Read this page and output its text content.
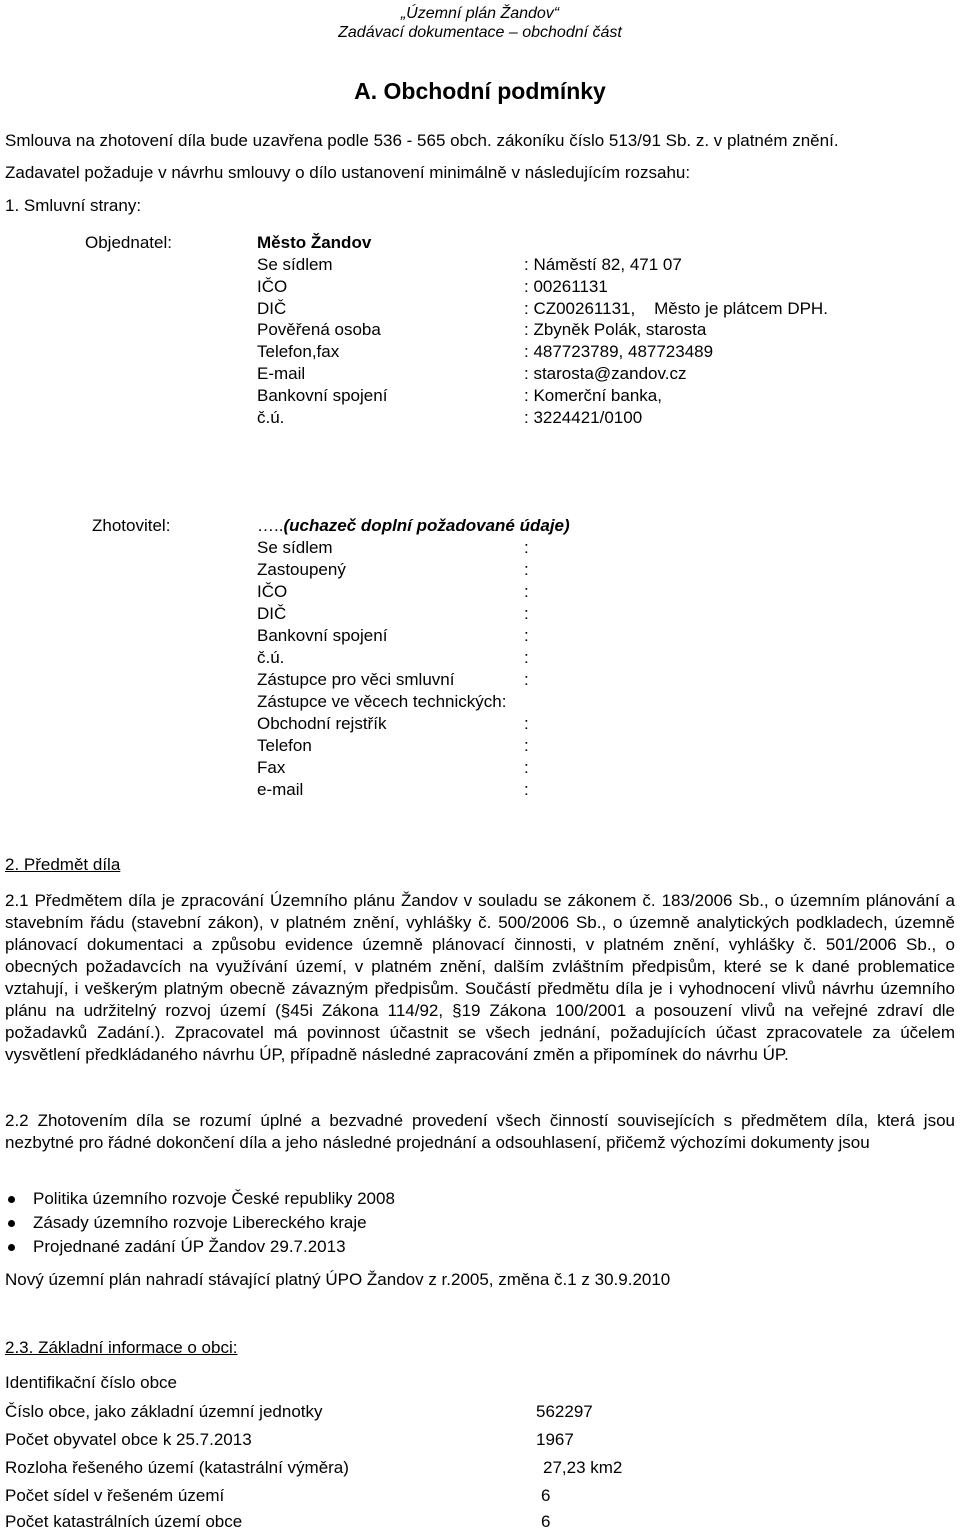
„Územní plán Žandov“
Zadávací dokumentace – obchodní část
A. Obchodní podmínky
Smlouva na zhotovení díla bude uzavřena podle 536 - 565 obch. zákoníku číslo 513/91 Sb. z. v platném znění.
Zadavatel požaduje v návrhu smlouvy o dílo ustanovení minimálně v následujícím rozsahu:
1. Smluvní strany:
Objednatel:	Město Žandov
Se sídlem	: Náměstí 82, 471 07
IČO	: 00261131
DIČ	: CZ00261131,    Město je plátcem DPH.
Pověřená osoba	: Zbyněk Polák, starosta
Telefon,fax	: 487723789, 487723489
E-mail	: starosta@zandov.cz
Bankovní spojení	: Komerční banka,
č.ú.	: 3224421/0100
Zhotovitel:	…..(uchazeč doplní požadované údaje)
Se sídlem	:
Zastoupený	:
IČO	:
DIČ	:
Bankovní spojení	:
č.ú.	:
Zástupce pro věci smluvní	:
Zástupce ve věcech technických:
Obchodní rejstřík	:
Telefon	:
Fax	:
e-mail	:
2. Předmět díla
2.1 Předmětem díla je zpracování Územního plánu Žandov v souladu se zákonem č. 183/2006 Sb., o územním plánování a stavebním řádu (stavební zákon), v platném znění, vyhlášky č. 500/2006 Sb., o územně analytických podkladech, územně plánovací dokumentaci a způsobu evidence územně plánovací činnosti, v platném znění, vyhlášky č. 501/2006 Sb., o obecných požadavcích na využívání území, v platném znění, dalším zvláštním předpisům, které se k dané problematice vztahují, i veškerým platným obecně závazným předpisům. Součástí předmětu díla je i vyhodnocení vlivů návrhu územního plánu na udržitelný rozvoj území (§45i Zákona 114/92, §19 Zákona 100/2001 a posouzení vlivů na veřejné zdraví dle požadavků Zadání.). Zpracovatel má povinnost účastnit se všech jednání, požadujících účast zpracovatele za účelem vysvětlení předkládaného návrhu ÚP, případně následné zapracování změn a připomínek do návrhu ÚP.
2.2 Zhotovením díla se rozumí úplné a bezvadné provedení všech činností souvisejících s předmětem díla, která jsou nezbytné pro řádné dokončení díla a jeho následné projednání a odsouhlasení, přičemž výchozími dokumenty jsou
Politika územního rozvoje České republiky 2008
Zásady územního rozvoje Libereckého kraje
Projednané zadání ÚP Žandov 29.7.2013
Nový územní plán nahradí stávající platný ÚPO Žandov z r.2005, změna č.1 z 30.9.2010
2.3. Základní informace o obci:
Identifikační číslo obce
Číslo obce, jako základní územní jednotky	562297
Počet obyvatel obce k 25.7.2013	1967
Rozloha řešeného území (katastrální výměra)	27,23 km2
Počet sídel v řešeném území	6
Počet katastrálních území obce	6
